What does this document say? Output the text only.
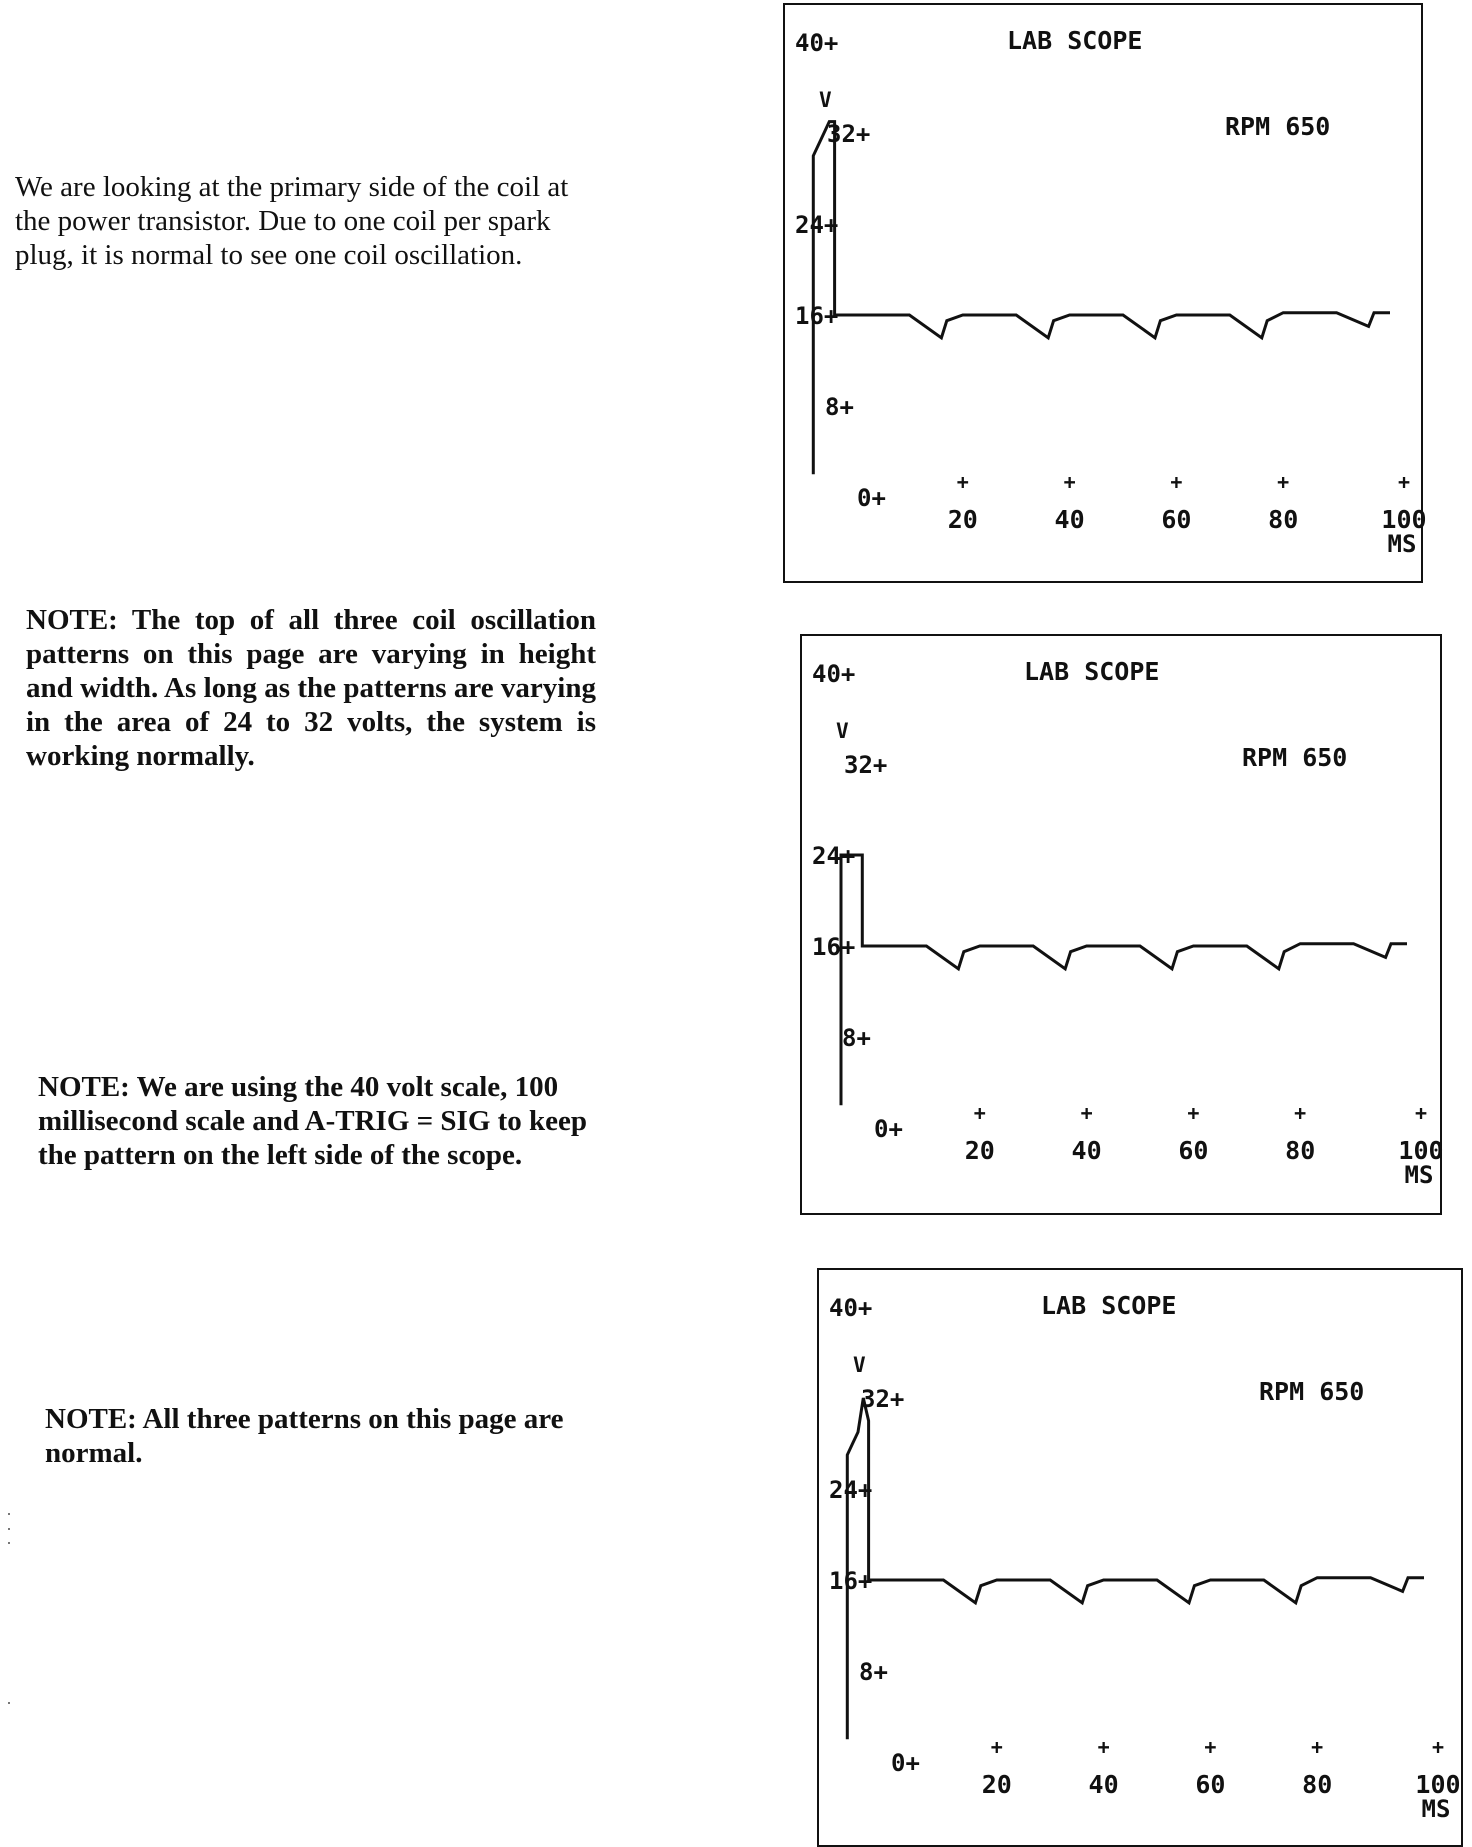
We are looking at the primary side of the coil at the power transistor. Due to one coil per spark plug, it is normal to see one coil oscillation.
NOTE: The top of all three coil oscillation patterns on this page are varying in height and width. As long as the patterns are varying in the area of 24 to 32 volts, the system is working normally.
NOTE: We are using the 40 volt scale, 100 millisecond scale and A-TRIG = SIG to keep the pattern on the left side of the scope.
NOTE: All three patterns on this page are normal.
LAB SCOPE
RPM 650
40+
32+
24+
16+
8+
0+
V
+
20
+
40
+
60
+
80
+
100
MS
LAB SCOPE
RPM 650
40+
32+
24+
16+
8+
0+
V
+
20
+
40
+
60
+
80
+
100
MS
LAB SCOPE
RPM 650
40+
32+
24+
16+
8+
0+
V
+
20
+
40
+
60
+
80
+
100
MS
